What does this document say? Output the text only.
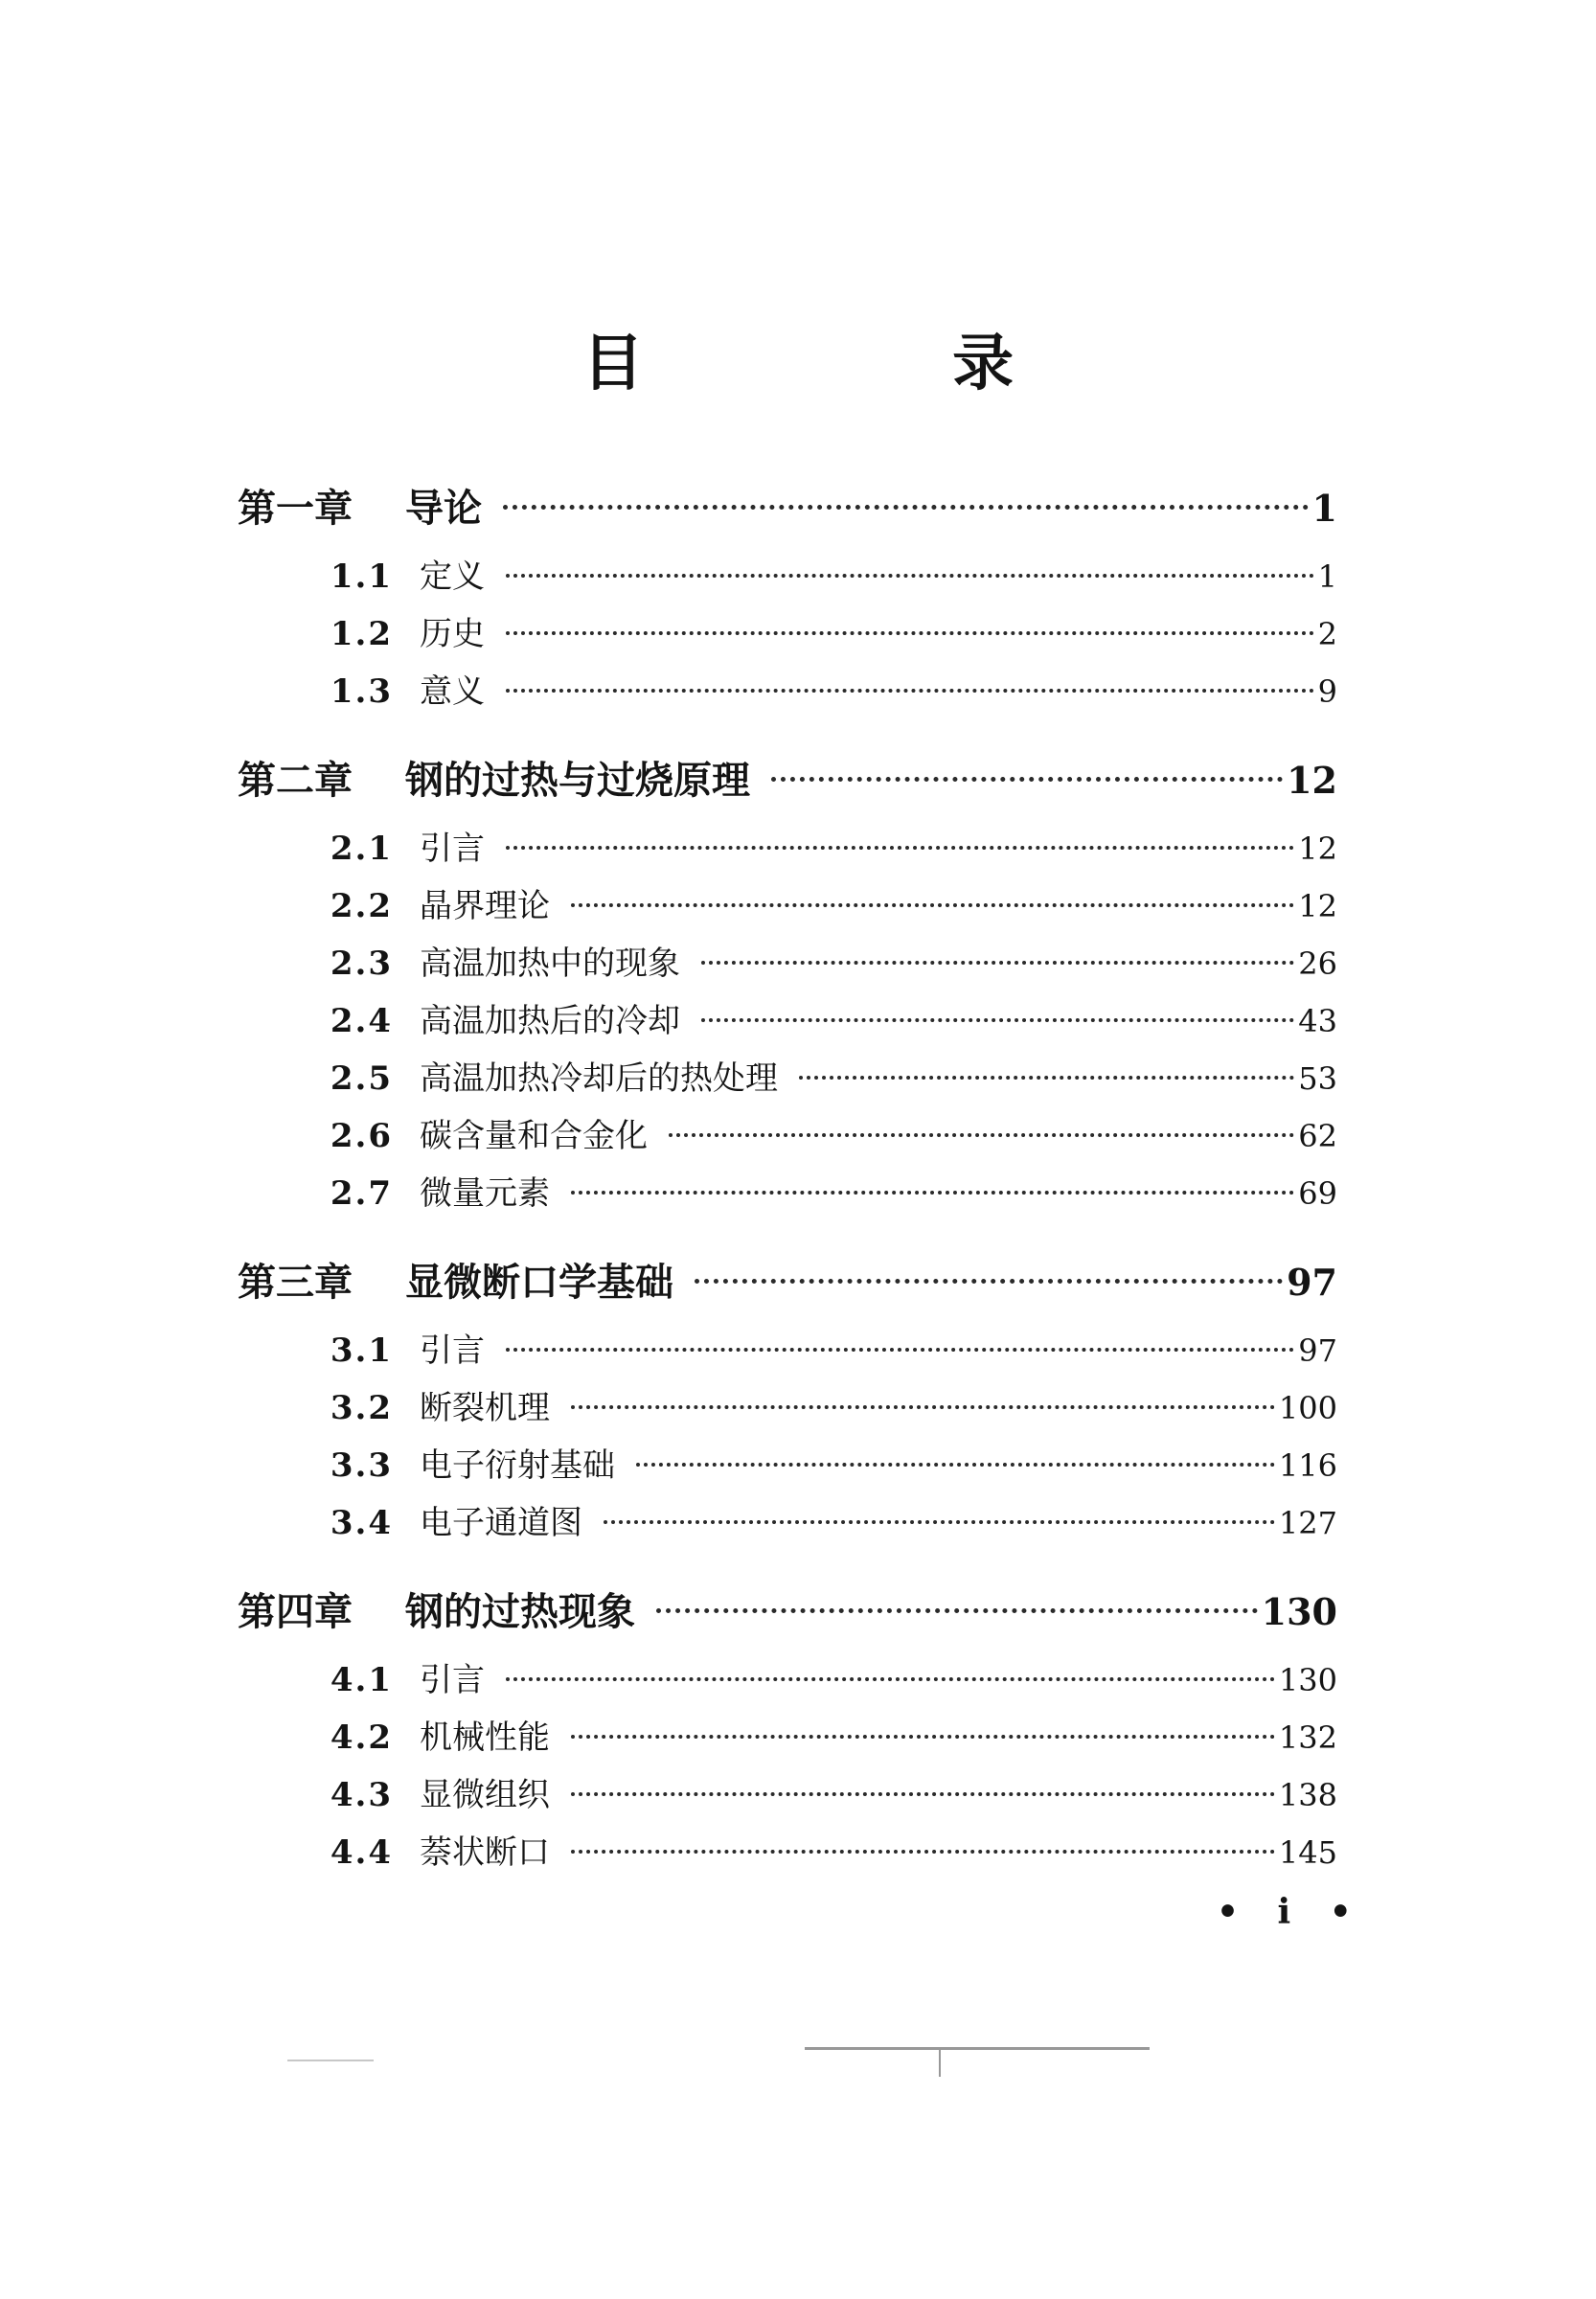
目 录
第一章	导论	1
1.1 定义	1
1.2 历史	2
1.3 意义	9
第二章	钢的过热与过烧原理	12
2.1 引言	12
2.2 晶界理论	12
2.3 高温加热中的现象	26
2.4 高温加热后的冷却	43
2.5 高温加热冷却后的热处理	53
2.6 碳含量和合金化	62
2.7 微量元素	69
第三章	显微断口学基础	97
3.1 引言	97
3.2 断裂机理	100
3.3 电子衍射基础	116
3.4 电子通道图	127
第四章	钢的过热现象	130
4.1 引言	130
4.2 机械性能	132
4.3 显微组织	138
4.4 萘状断口	145
• i •
